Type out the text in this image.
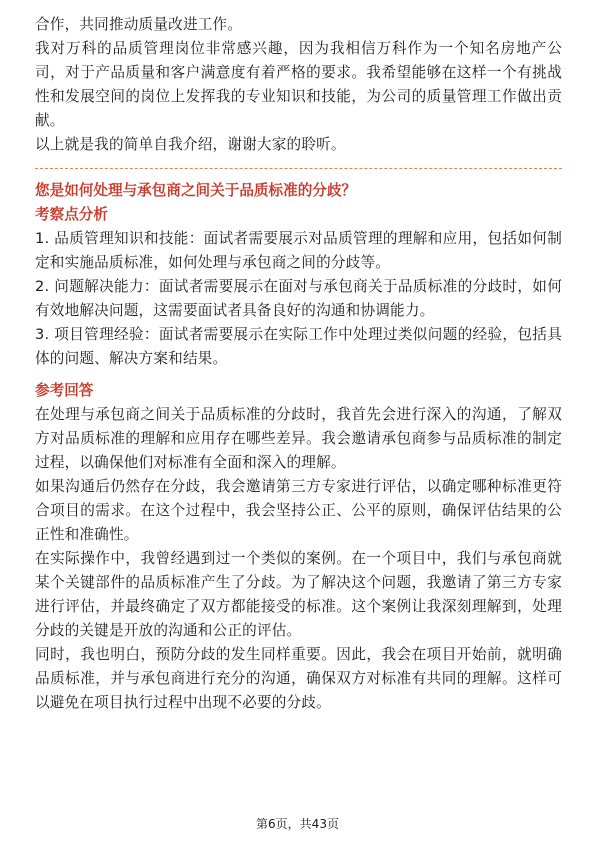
合作，共同推动质量改进工作。

我对万科的品质管理岗位非常感兴趣，因为我相信万科作为一个知名房地产公司，对于产品质量和客户满意度有着严格的要求。我希望能够在这样一个有挑战性和发展空间的岗位上发挥我的专业知识和技能，为公司的质量管理工作做出贡献。

以上就是我的简单自我介绍，谢谢大家的聆听。

您是如何处理与承包商之间关于品质标准的分歧？
考察点分析

1. 品质管理知识和技能：面试者需要展示对品质管理的理解和应用，包括如何制定和实施品质标准，如何处理与承包商之间的分歧等。

2. 问题解决能力：面试者需要展示在面对与承包商关于品质标准的分歧时，如何有效地解决问题，这需要面试者具备良好的沟通和协调能力。

3. 项目管理经验：面试者需要展示在实际工作中处理过类似问题的经验，包括具体的问题、解决方案和结果。

参考回答

在处理与承包商之间关于品质标准的分歧时，我首先会进行深入的沟通，了解双方对品质标准的理解和应用存在哪些差异。我会邀请承包商参与品质标准的制定过程，以确保他们对标准有全面和深入的理解。

如果沟通后仍然存在分歧，我会邀请第三方专家进行评估，以确定哪种标准更符合项目的需求。在这个过程中，我会坚持公正、公平的原则，确保评估结果的公正性和准确性。

在实际操作中，我曾经遇到过一个类似的案例。在一个项目中，我们与承包商就某个关键部件的品质标准产生了分歧。为了解决这个问题，我邀请了第三方专家进行评估，并最终确定了双方都能接受的标准。这个案例让我深刻理解到，处理分歧的关键是开放的沟通和公正的评估。

同时，我也明白，预防分歧的发生同样重要。因此，我会在项目开始前，就明确品质标准，并与承包商进行充分的沟通，确保双方对标准有共同的理解。这样可以避免在项目执行过程中出现不必要的分歧。

第6页，共43页
